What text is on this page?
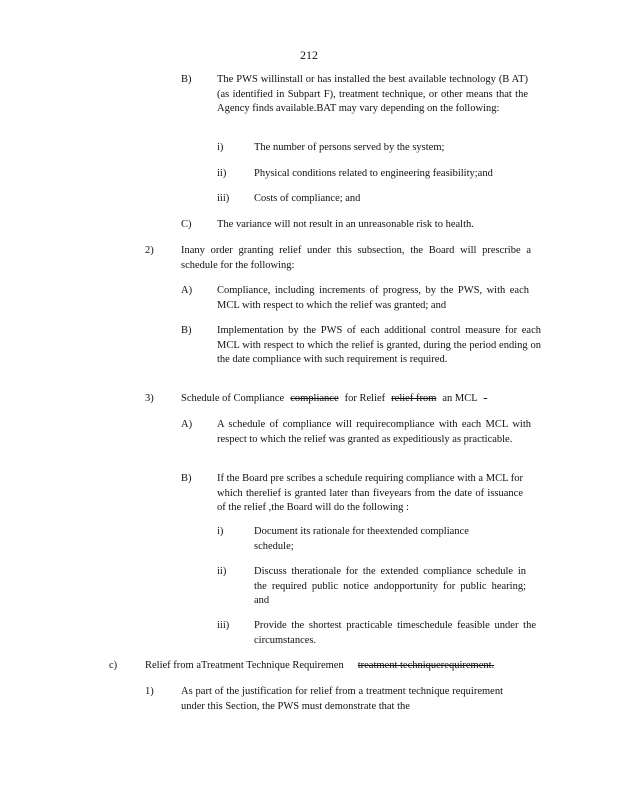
212
B) The PWS willinstall or has installed the best available technology (B AT) (as identified in Subpart F), treatment technique, or other means that the Agency finds available.BAT may vary depending on the following:
i)	The number of persons served by the system;
ii)	Physical conditions related to engineering feasibility;and
iii) Costs of compliance; and
C) The variance will not result in an unreasonable risk to health.
2)	Inany order granting relief under this subsection, the Board will prescribe a schedule for the following:
A) Compliance, including increments of progress, by the PWS, with each MCL with respect to which the relief was granted; and
B) Implementation by the PWS of each additional control measure for each MCL with respect to which the relief is granted, during the period ending on the date compliance with such requirement is required.
3)	Schedule of Compliance compliance for Relief relief from an MCL -
A) A schedule of compliance will requirecompliance with each MCL with respect to which the relief was granted as expeditiously as practicable.
B) If the Board pre scribes a schedule requiring compliance with a MCL for which therelief is granted later than fiveyears from the date of issuance of the relief ,the Board will do the following :
i)	Document its rationale for theextended compliance schedule;
ii)	Discuss therationale for the extended compliance schedule in the required public notice andopportunity for public hearing; and
iii) Provide the shortest practicable timeschedule feasible under the circumstances.
c)	Relief from aTreatment Technique Requiremen treatment techniquerequirement.
1)	As part of the justification for relief from a treatment technique requirement under this Section, the PWS must demonstrate that the
